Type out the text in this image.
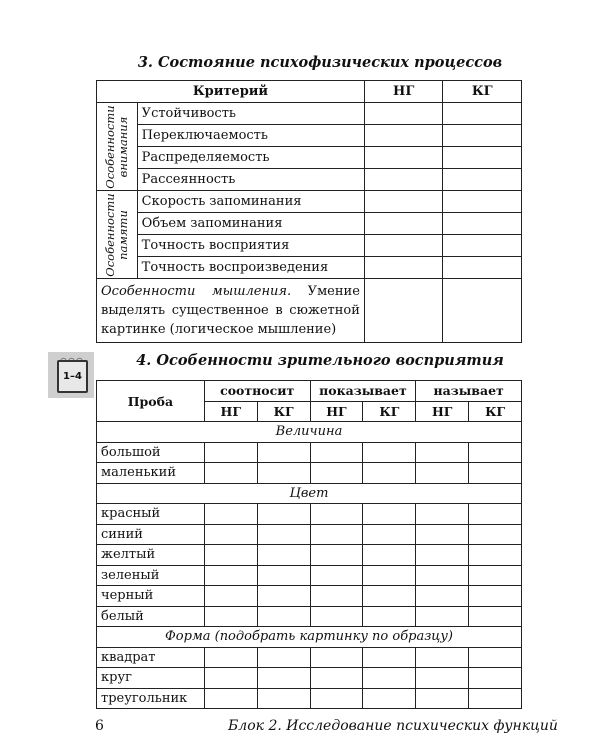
3. Состояние психофизических процессов
Критерий		НГ	КГ

Особенности
внимания	Устойчивость		
	Переключаемость		
	Распределяемость		
	Рассеянность		

Особенности
памяти	Скорость запоминания		
	Объем запоминания		
	Точность восприятия		
	Точность воспроизведения		
Особенности мышления. Умение выделять существенное в сюжетной картинке (логическое мышление)			
1–4
4. Особенности зрительного восприятия
Проба	соотносит		показывает		называет	
	НГ	КГ	НГ	КГ	НГ	КГ
Величина						
большой						
маленький						
Цвет						
красный						
синий						
желтый						
зеленый						
черный						
белый						
Форма (подобрать картинку по образцу)						
квадрат						
круг						
треугольник						
6	Блок 2. Исследование психических функций
